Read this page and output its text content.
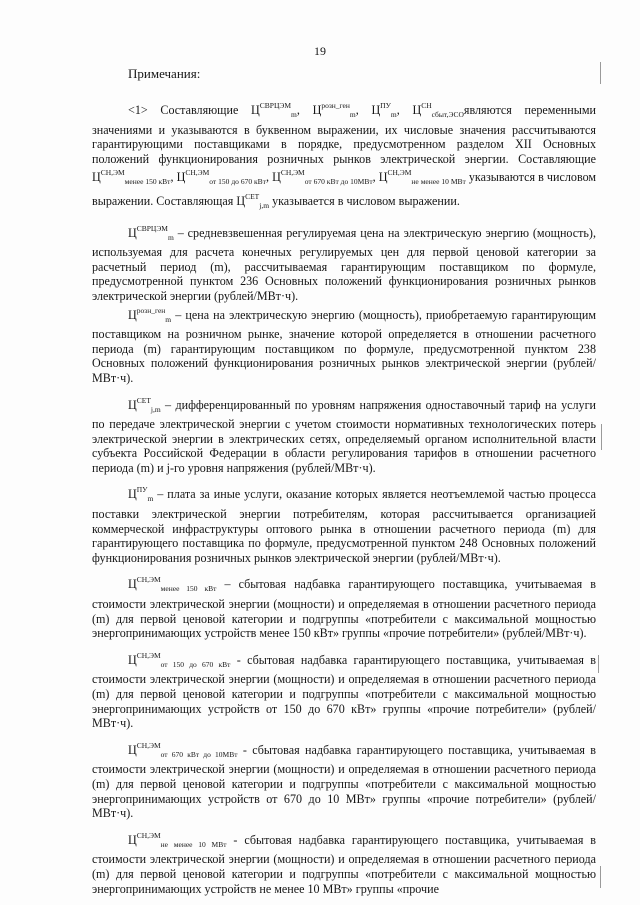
19
Примечания:

<1> Составляющие $Ц^{СВРЦЭМ}_m$, $Ц^{розн\_ген}_m$, $Ц^{ПУ}_m$, $Ц^{СН}_{сбыт,ЭСО}являются$ переменными значениями и указываются в буквенном выражении, их числовые значения рассчитываются гарантирующими поставщиками в порядке, предусмотренном разделом XII Основных положений функционирования розничных рынков электрической энергии. Составляющие $Ц^{СН,ЭМ}_{менее 150 кВт}$, $Ц^{СН,ЭМ}_{от 150 до 670 кВт}$, $Ц^{СН,ЭМ}_{от 670 кВт до 10МВт}$, $Ц^{СН,ЭМ}_{не менее 10 МВт}$ указываются в числовом выражении. Составляющая $Ц^{СЕТ}_{j,m}$ указывается в числовом выражении.

$Ц^{СВРЦЭМ}_m$ – средневзвешенная регулируемая цена на электрическую энергию (мощность), используемая для расчета конечных регулируемых цен для первой ценовой категории за расчетный период (m), рассчитываемая гарантирующим поставщиком по формуле, предусмотренной пунктом 236 Основных положений функционирования розничных рынков электрической энергии (рублей/МВт·ч).

$Ц^{розн\_ген}_m$ – цена на электрическую энергию (мощность), приобретаемую гарантирующим поставщиком на розничном рынке, значение которой определяется в отношении расчетного периода (m) гарантирующим поставщиком по формуле, предусмотренной пунктом 238 Основных положений функционирования розничных рынков электрической энергии (рублей/МВт·ч).

$Ц^{СЕТ}_{j,m}$ – дифференцированный по уровням напряжения одноставочный тариф на услуги по передаче электрической энергии с учетом стоимости нормативных технологических потерь электрической энергии в электрических сетях, определяемый органом исполнительной власти субъекта Российской Федерации в области регулирования тарифов в отношении расчетного периода (m) и j-го уровня напряжения (рублей/МВт·ч).

$Ц^{ПУ}_m$ – плата за иные услуги, оказание которых является неотъемлемой частью процесса поставки электрической энергии потребителям, которая рассчитывается организацией коммерческой инфраструктуры оптового рынка в отношении расчетного периода (m) для гарантирующего поставщика по формуле, предусмотренной пунктом 248 Основных положений функционирования розничных рынков электрической энергии (рублей/МВт·ч).

$Ц^{СН,ЭМ}_{менее 150 кВт}$ – сбытовая надбавка гарантирующего поставщика, учитываемая в стоимости электрической энергии (мощности) и определяемая в отношении расчетного периода (m) для первой ценовой категории и подгруппы «потребители с максимальной мощностью энергопринимающих устройств менее 150 кВт» группы «прочие потребители» (рублей/МВт·ч).

$Ц^{СН,ЭМ}_{от 150 до 670 кВт}$ - сбытовая надбавка гарантирующего поставщика, учитываемая в стоимости электрической энергии (мощности) и определяемая в отношении расчетного периода (m) для первой ценовой категории и подгруппы «потребители с максимальной мощностью энергопринимающих устройств от 150 до 670 кВт» группы «прочие потребители» (рублей/МВт·ч).

$Ц^{СН,ЭМ}_{от 670 кВт до 10МВт}$ - сбытовая надбавка гарантирующего поставщика, учитываемая в стоимости электрической энергии (мощности) и определяемая в отношении расчетного периода (m) для первой ценовой категории и подгруппы «потребители с максимальной мощностью энергопринимающих устройств от 670 до 10 МВт» группы «прочие потребители» (рублей/МВт·ч).

$Ц^{СН,ЭМ}_{не менее 10 МВт}$ - сбытовая надбавка гарантирующего поставщика, учитываемая в стоимости электрической энергии (мощности) и определяемая в отношении расчетного периода (m) для первой ценовой категории и подгруппы «потребители с максимальной мощностью энергопринимающих устройств не менее 10 МВт» группы «прочие
